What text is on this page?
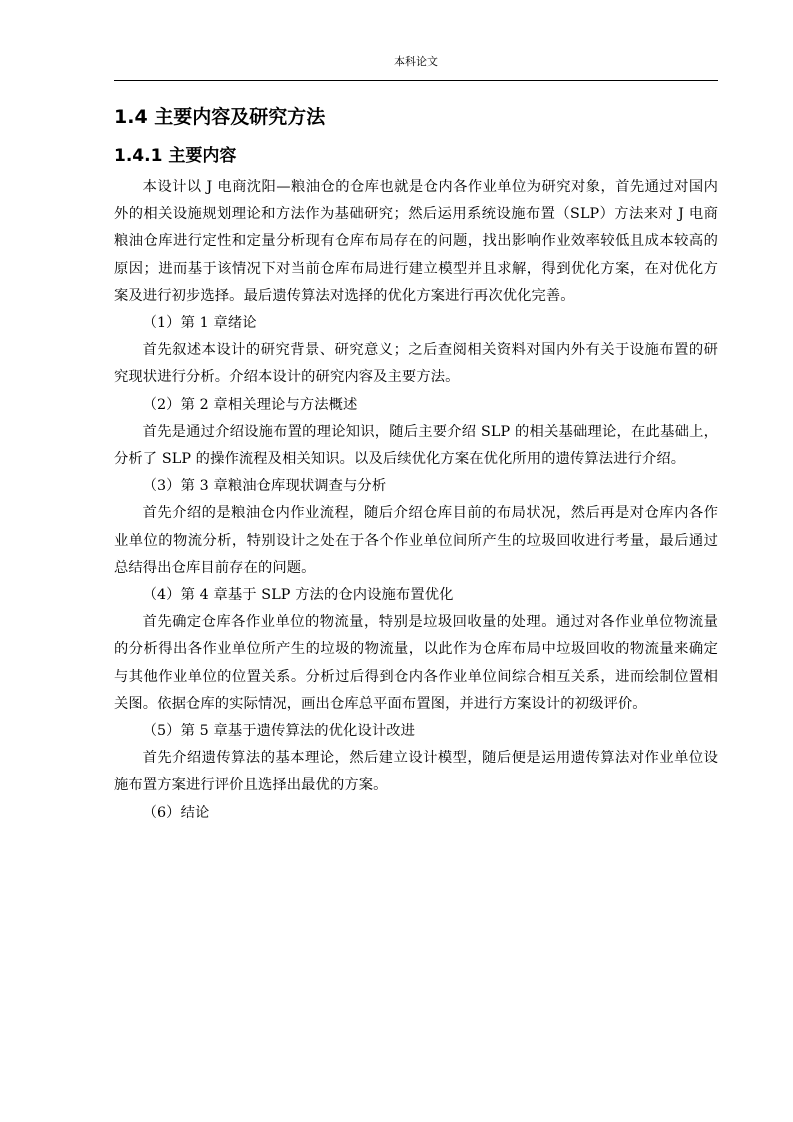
本科论文
1.4 主要内容及研究方法
1.4.1 主要内容

本设计以 J 电商沈阳—粮油仓的仓库也就是仓内各作业单位为研究对象，首先通过对国内外的相关设施规划理论和方法作为基础研究；然后运用系统设施布置（SLP）方法来对 J 电商粮油仓库进行定性和定量分析现有仓库布局存在的问题，找出影响作业效率较低且成本较高的原因；进而基于该情况下对当前仓库布局进行建立模型并且求解，得到优化方案，在对优化方案及进行初步选择。最后遗传算法对选择的优化方案进行再次优化完善。

（1）第 1 章绪论

首先叙述本设计的研究背景、研究意义；之后查阅相关资料对国内外有关于设施布置的研究现状进行分析。介绍本设计的研究内容及主要方法。

（2）第 2 章相关理论与方法概述

首先是通过介绍设施布置的理论知识，随后主要介绍 SLP 的相关基础理论，在此基础上，分析了 SLP 的操作流程及相关知识。以及后续优化方案在优化所用的遗传算法进行介绍。

（3）第 3 章粮油仓库现状调查与分析

首先介绍的是粮油仓内作业流程，随后介绍仓库目前的布局状况，然后再是对仓库内各作业单位的物流分析，特别设计之处在于各个作业单位间所产生的垃圾回收进行考量，最后通过总结得出仓库目前存在的问题。

（4）第 4 章基于 SLP 方法的仓内设施布置优化

首先确定仓库各作业单位的物流量，特别是垃圾回收量的处理。通过对各作业单位物流量的分析得出各作业单位所产生的垃圾的物流量，以此作为仓库布局中垃圾回收的物流量来确定与其他作业单位的位置关系。分析过后得到仓内各作业单位间综合相互关系，进而绘制位置相关图。依据仓库的实际情况，画出仓库总平面布置图，并进行方案设计的初级评价。

（5）第 5 章基于遗传算法的优化设计改进

首先介绍遗传算法的基本理论，然后建立设计模型，随后便是运用遗传算法对作业单位设施布置方案进行评价且选择出最优的方案。

（6）结论
